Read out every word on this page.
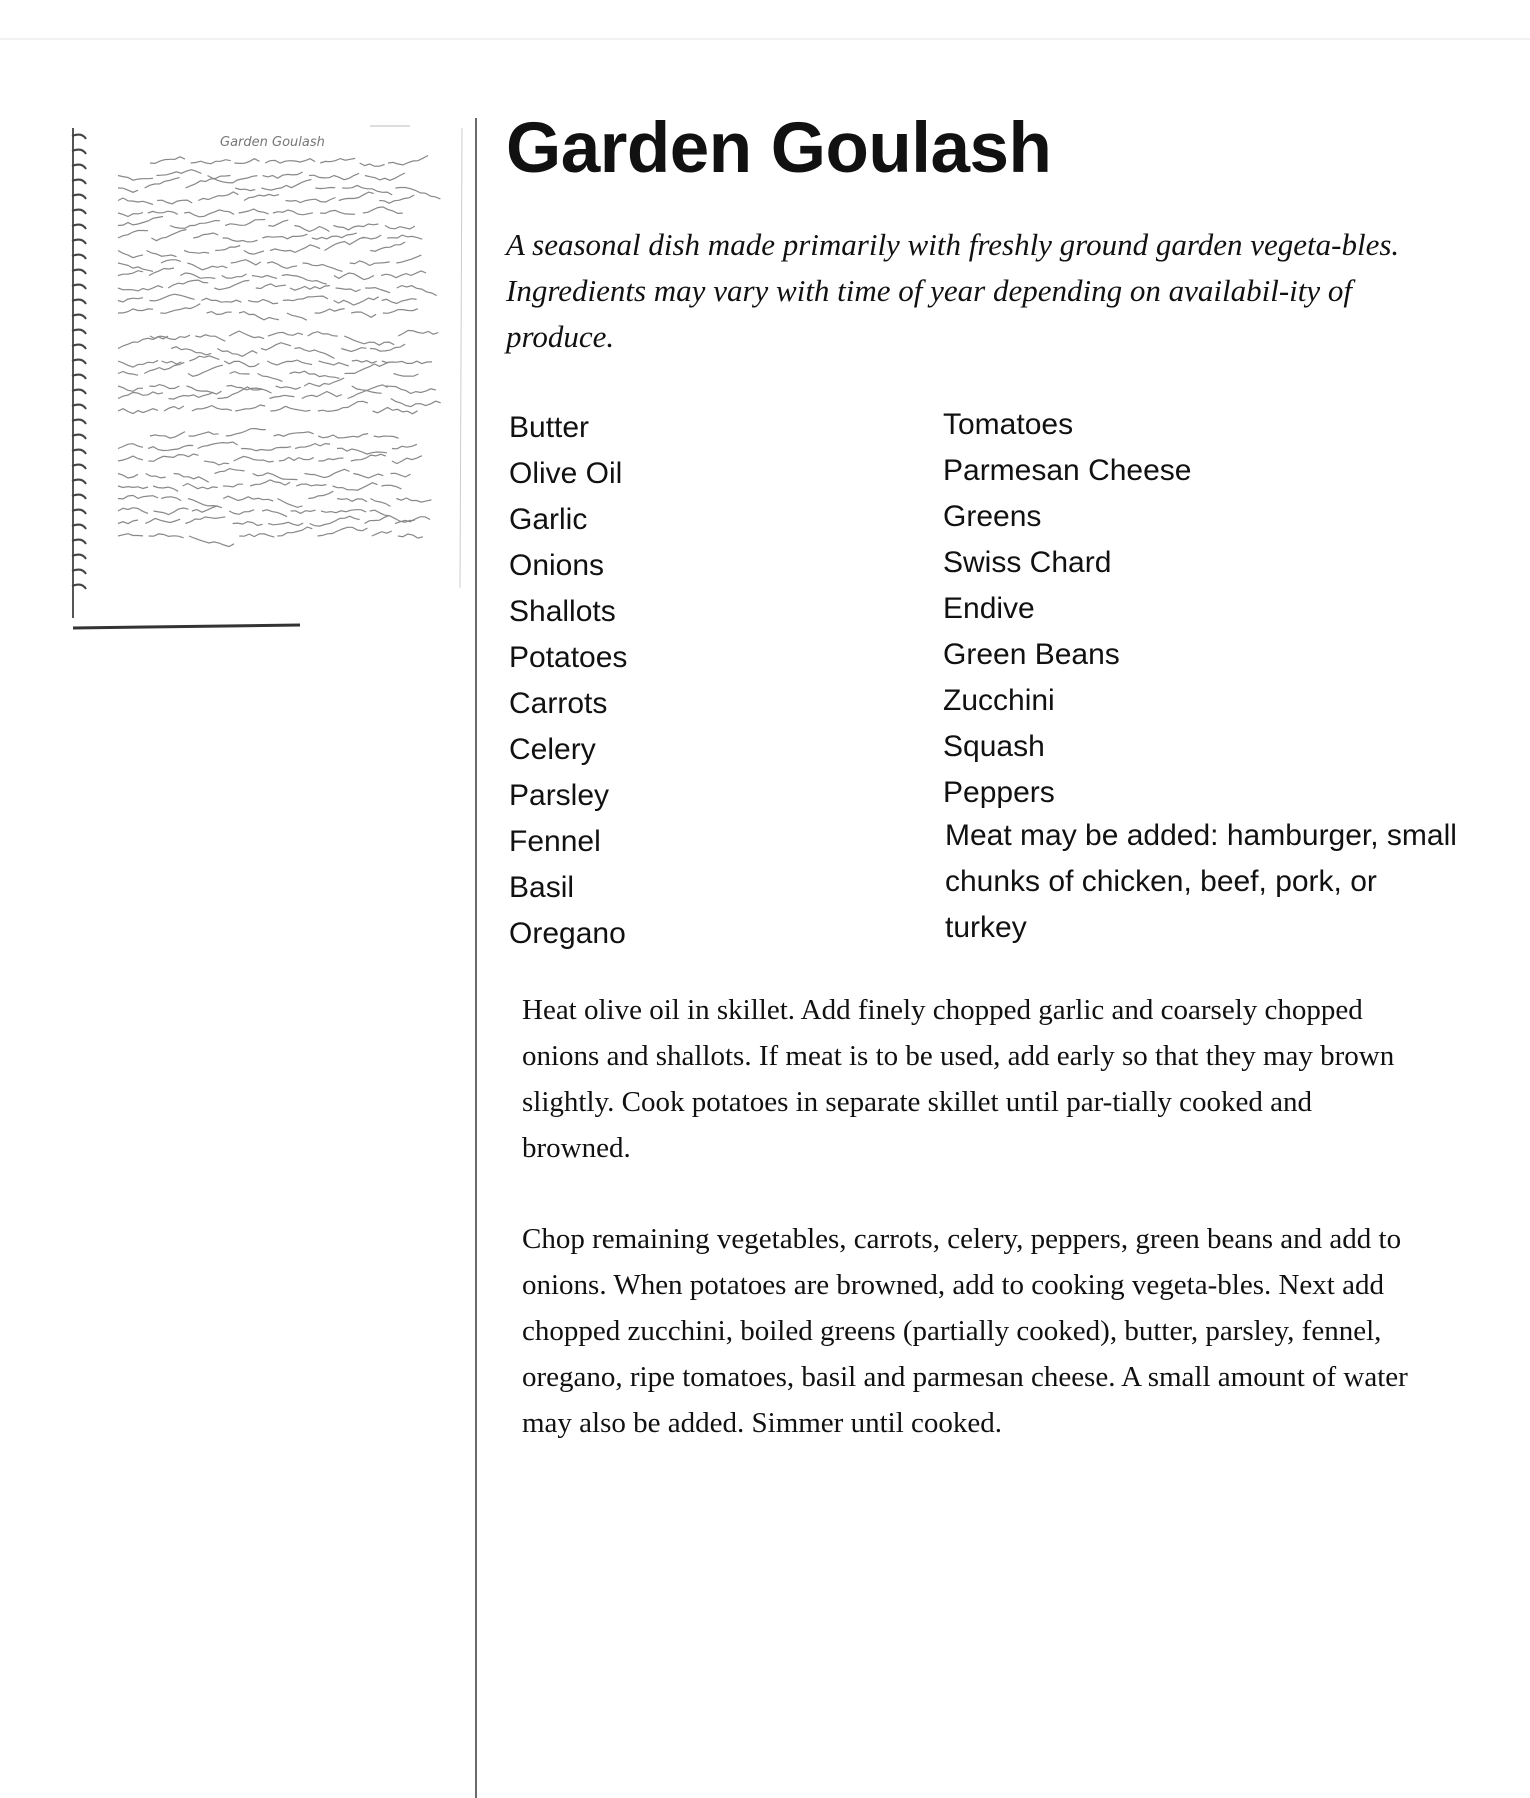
Garden Goulash	Garden Goulash

A seasonal dish made primarily with freshly ground garden vegeta-bles. Ingredients may vary with time of year depending on availabil-ity of produce.

Butter
Olive Oil
Garlic
Onions
Shallots
Potatoes
Carrots
Celery
Parsley
Fennel
Basil
Oregano
Tomatoes
Parmesan Cheese
Greens
Swiss Chard
Endive
Green Beans
Zucchini
Squash
Peppers

Meat may be added: hamburger, small chunks of chicken, beef, pork, or turkey

Heat olive oil in skillet. Add finely chopped garlic and coarsely chopped onions and shallots. If meat is to be used, add early so that they may brown slightly. Cook potatoes in separate skillet until par-tially cooked and browned.

Chop remaining vegetables, carrots, celery, peppers, green beans and add to onions. When potatoes are browned, add to cooking vegeta-bles. Next add chopped zucchini, boiled greens (partially cooked), butter, parsley, fennel, oregano, ripe tomatoes, basil and parmesan cheese. A small amount of water may also be added. Simmer until cooked.
